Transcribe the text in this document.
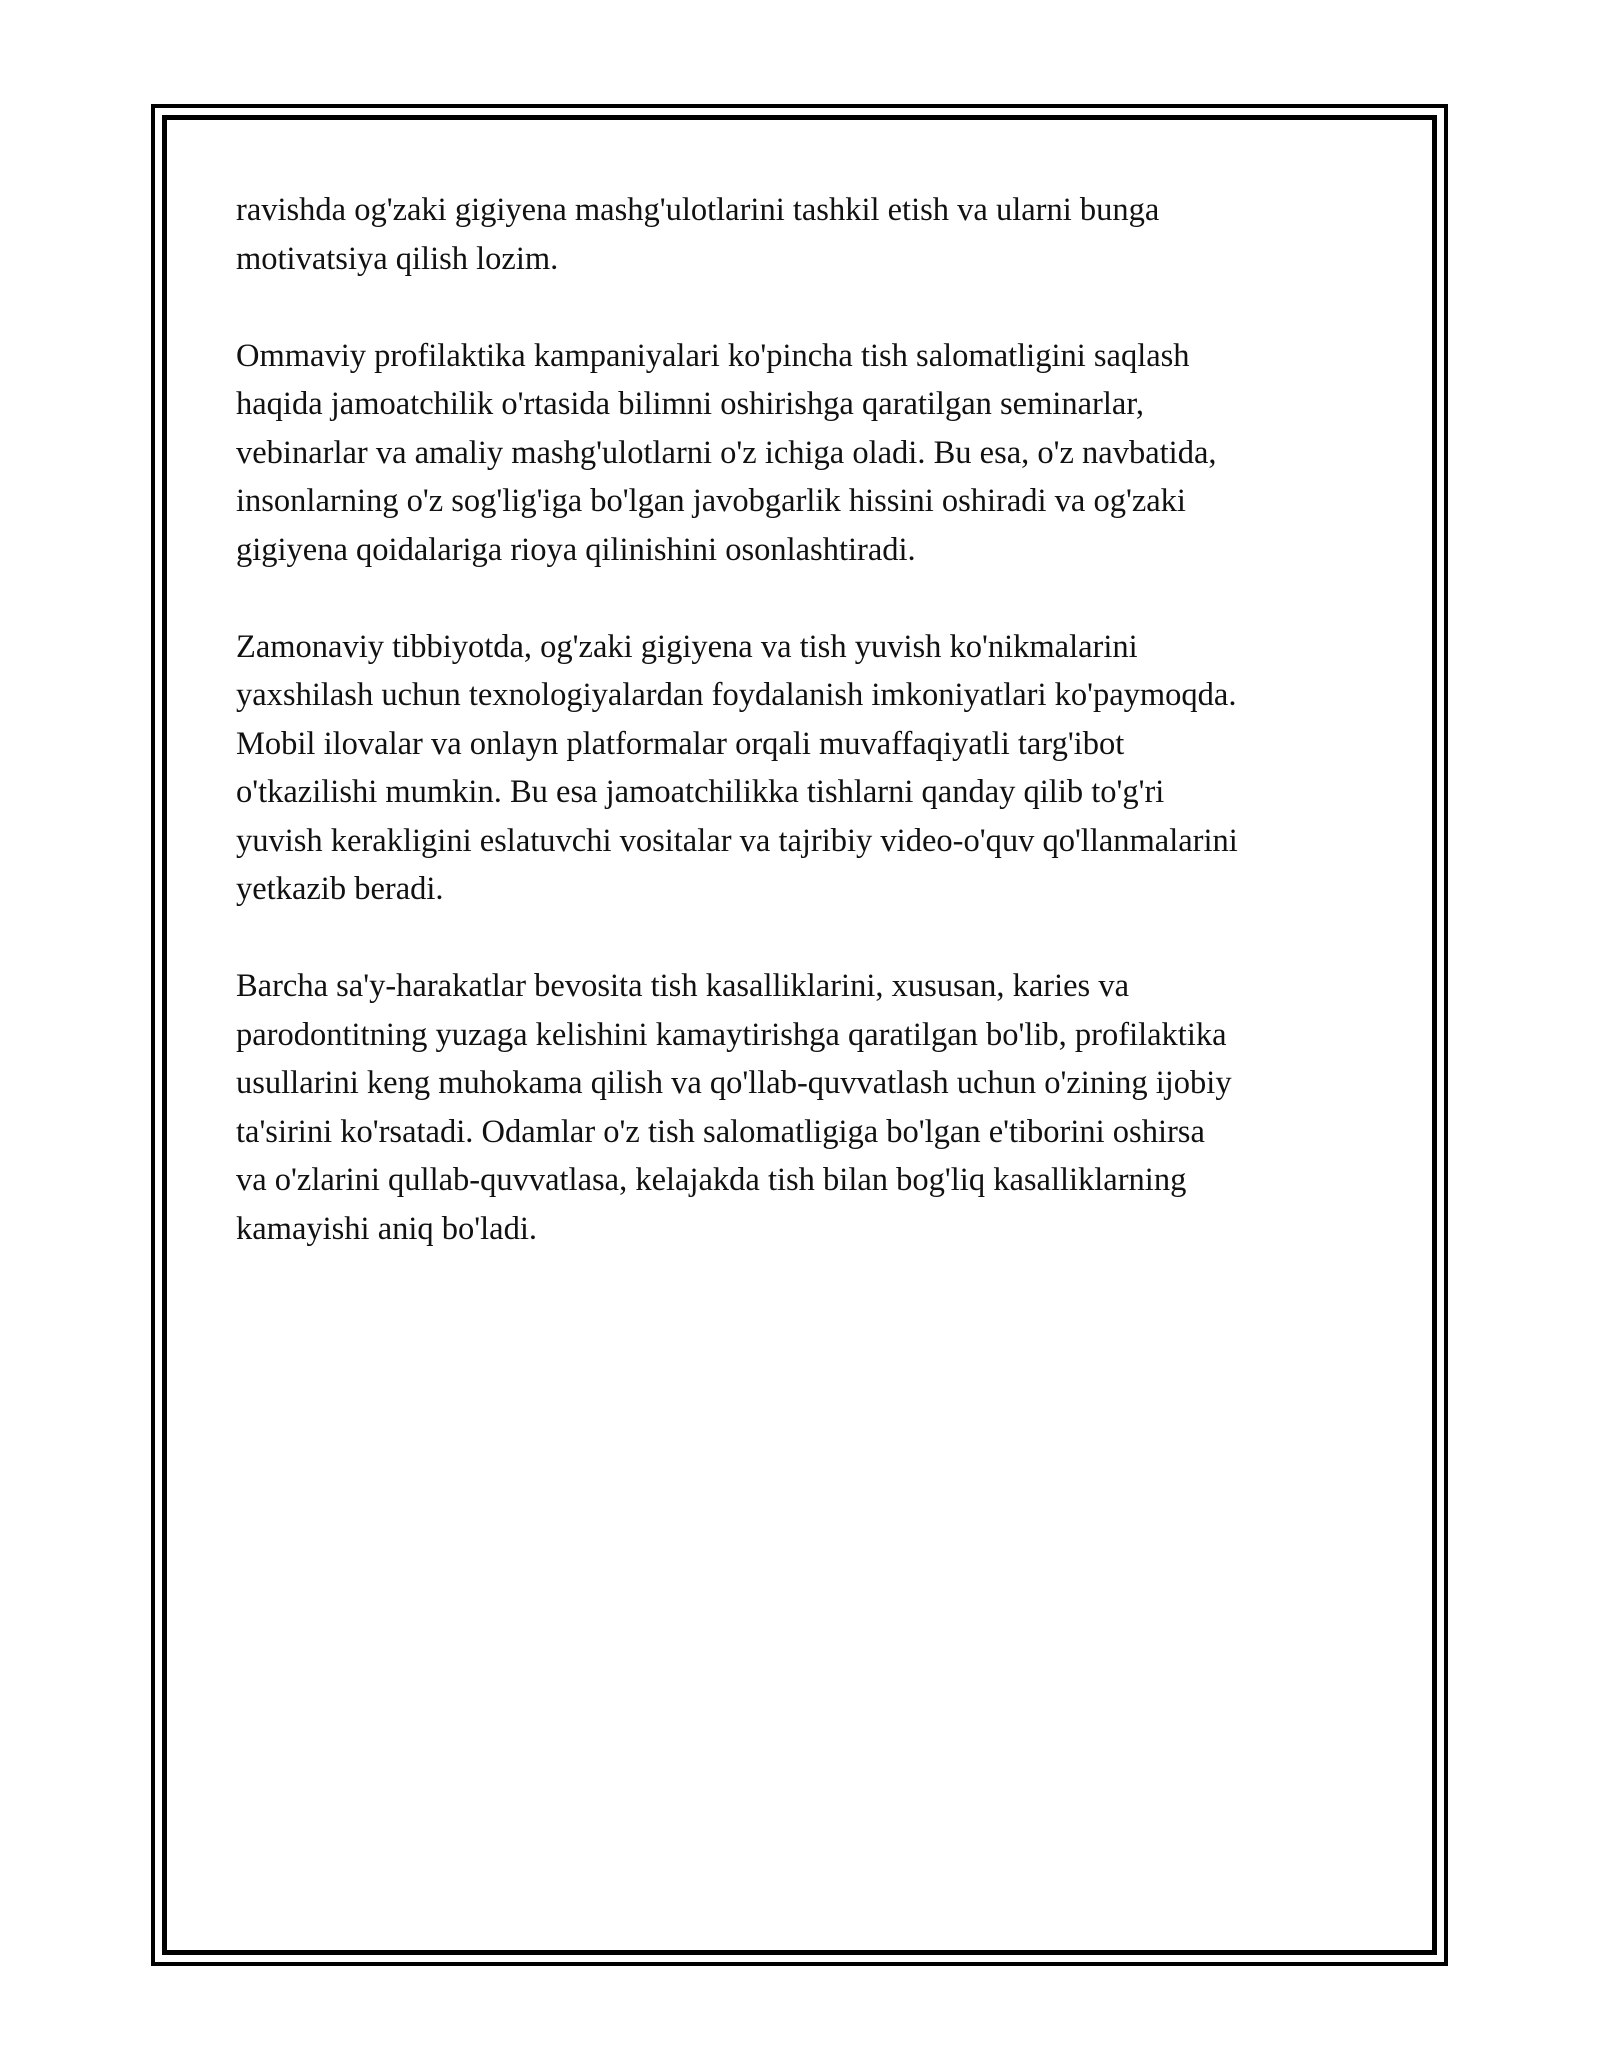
ravishda og'zaki gigiyena mashg'ulotlarini tashkil etish va ularni bunga
motivatsiya qilish lozim.

Ommaviy profilaktika kampaniyalari ko'pincha tish salomatligini saqlash
haqida jamoatchilik o'rtasida bilimni oshirishga qaratilgan seminarlar,
vebinarlar va amaliy mashg'ulotlarni o'z ichiga oladi. Bu esa, o'z navbatida,
insonlarning o'z sog'lig'iga bo'lgan javobgarlik hissini oshiradi va og'zaki
gigiyena qoidalariga rioya qilinishini osonlashtiradi.

Zamonaviy tibbiyotda, og'zaki gigiyena va tish yuvish ko'nikmalarini
yaxshilash uchun texnologiyalardan foydalanish imkoniyatlari ko'paymoqda.
Mobil ilovalar va onlayn platformalar orqali muvaffaqiyatli targ'ibot
o'tkazilishi mumkin. Bu esa jamoatchilikka tishlarni qanday qilib to'g'ri
yuvish kerakligini eslatuvchi vositalar va tajribiy video-o'quv qo'llanmalarini
yetkazib beradi.

Barcha sa'y-harakatlar bevosita tish kasalliklarini, xususan, karies va
parodontitning yuzaga kelishini kamaytirishga qaratilgan bo'lib, profilaktika
usullarini keng muhokama qilish va qo'llab-quvvatlash uchun o'zining ijobiy
ta'sirini ko'rsatadi. Odamlar o'z tish salomatligiga bo'lgan e'tiborini oshirsa
va o'zlarini qullab-quvvatlasa, kelajakda tish bilan bog'liq kasalliklarning
kamayishi aniq bo'ladi.
